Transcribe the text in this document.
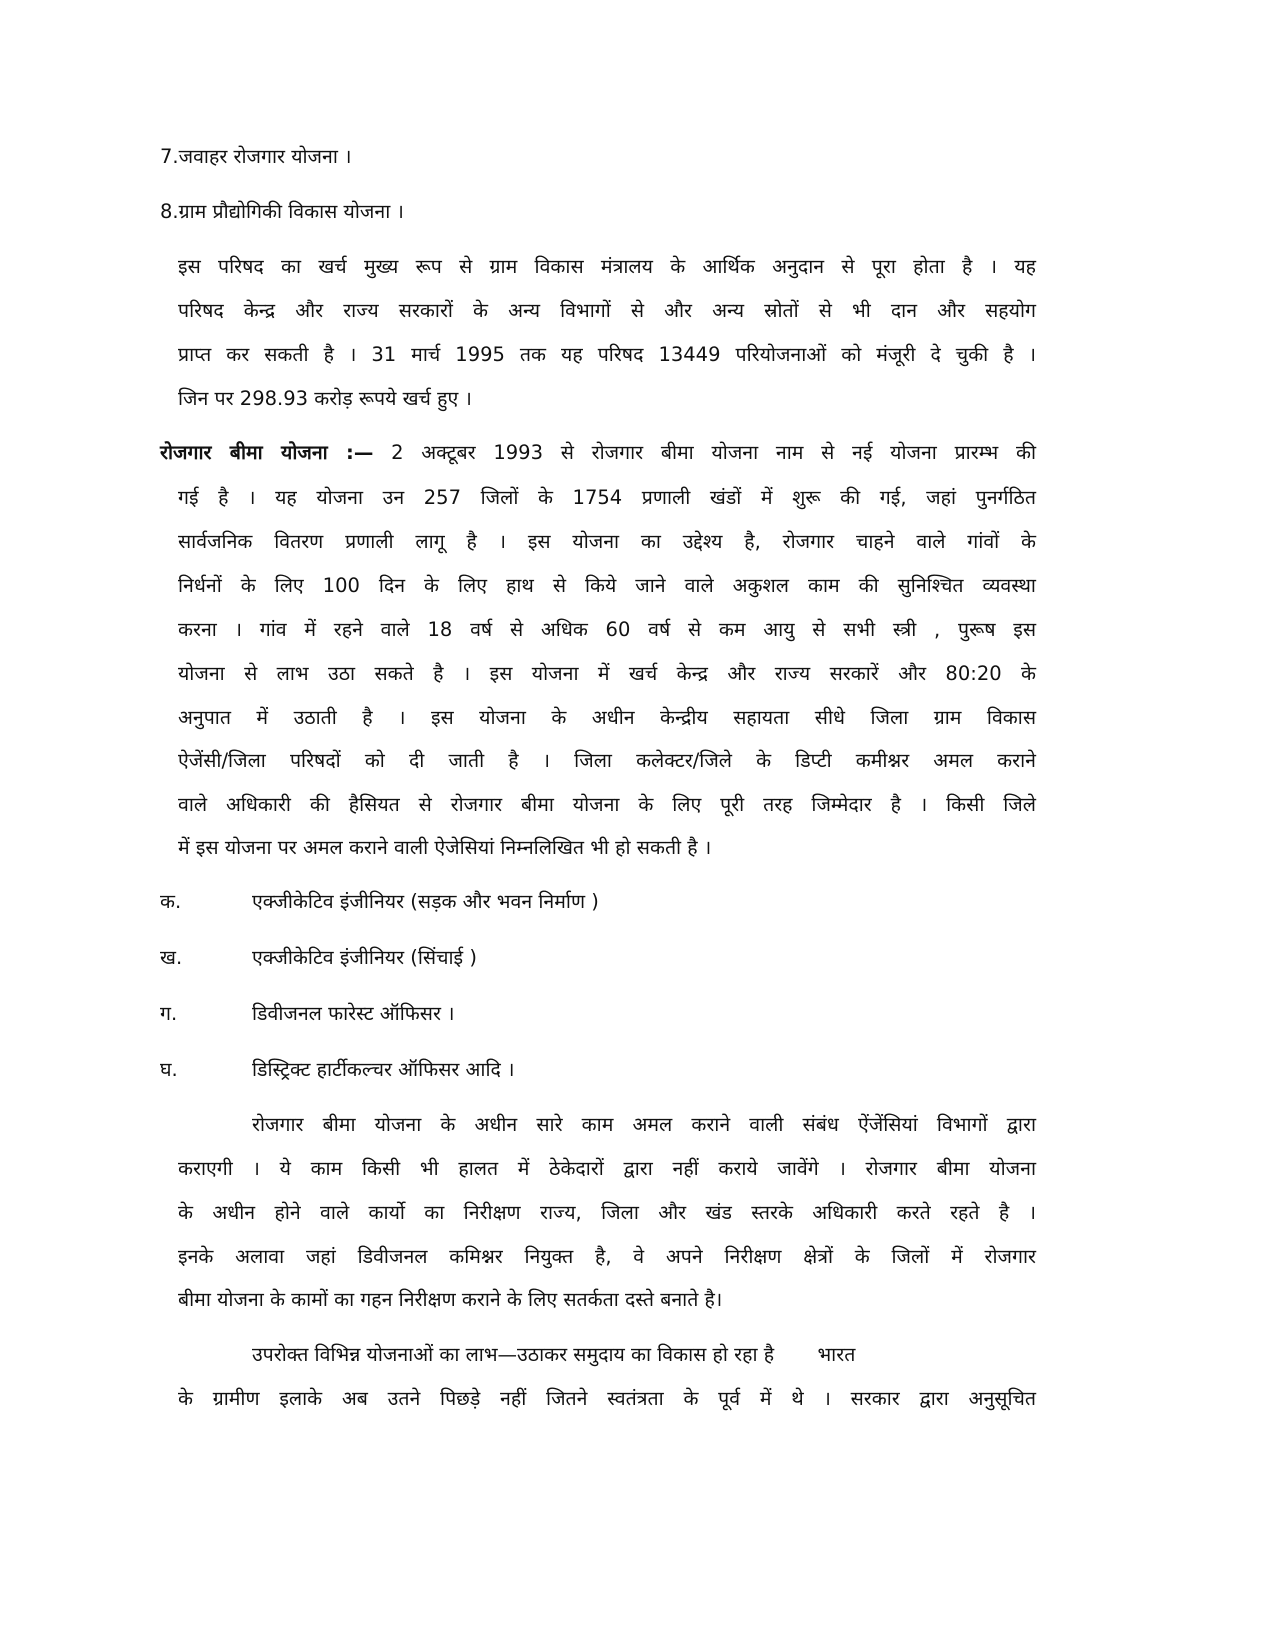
7.जवाहर रोजगार योजना ।
8.ग्राम प्रौद्योगिकी विकास योजना ।
इस परिषद का खर्च मुख्य रूप से ग्राम विकास मंत्रालय के आर्थिक अनुदान से पूरा होता है । यह
परिषद केन्द्र और राज्य सरकारों के अन्य विभागों से और अन्य स्रोतों से भी दान और सहयोग
प्राप्त कर सकती है । 31 मार्च 1995 तक यह परिषद 13449 परियोजनाओं को मंजूरी दे चुकी है ।
जिन पर 298.93 करोड़ रूपये खर्च हुए ।
रोजगार बीमा योजना :— 2 अक्टूबर 1993 से रोजगार बीमा योजना नाम से नई योजना प्रारम्भ की
गई है । यह योजना उन 257 जिलों के 1754 प्रणाली खंडों में शुरू की गई, जहां पुनर्गठित
सार्वजनिक वितरण प्रणाली लागू है । इस योजना का उद्देश्य है, रोजगार चाहने वाले गांवों के
निर्धनों के लिए 100 दिन के लिए हाथ से किये जाने वाले अकुशल काम की सुनिश्चित व्यवस्था
करना । गांव में रहने वाले 18 वर्ष से अधिक 60 वर्ष से कम आयु से सभी स्त्री , पुरूष इस
योजना से लाभ उठा सकते है । इस योजना में खर्च केन्द्र और राज्य सरकारें और 80:20 के
अनुपात में उठाती है । इस योजना के अधीन केन्द्रीय सहायता सीधे जिला ग्राम विकास
ऐजेंसी/जिला परिषदों को दी जाती है । जिला कलेक्टर/जिले के डिप्टी कमीश्नर अमल कराने
वाले अधिकारी की हैसियत से रोजगार बीमा योजना के लिए पूरी तरह जिम्मेदार है । किसी जिले
में इस योजना पर अमल कराने वाली ऐजेसियां निम्नलिखित भी हो सकती है ।
क.	एक्जीकेटिव इंजीनियर (सड़क और भवन निर्माण )
ख.	एक्जीकेटिव इंजीनियर (सिंचाई )
ग.	डिवीजनल फारेस्ट ऑफिसर ।
घ.	डिस्ट्रिक्ट हार्टीकल्चर ऑफिसर आदि ।
रोजगार बीमा योजना के अधीन सारे काम अमल कराने वाली संबंध ऐंजेंसियां विभागों द्वारा
कराएगी । ये काम किसी भी हालत में ठेकेदारों द्वारा नहीं कराये जावेंगे । रोजगार बीमा योजना
के अधीन होने वाले कार्यो का निरीक्षण राज्य, जिला और खंड स्तरके अधिकारी करते रहते है ।
इनके अलावा जहां डिवीजनल कमिश्नर नियुक्त है, वे अपने निरीक्षण क्षेत्रों के जिलों में रोजगार
बीमा योजना के कामों का गहन निरीक्षण कराने के लिए सतर्कता दस्ते बनाते है।
उपरोक्त विभिन्न योजनाओं का लाभ—उठाकर समुदाय का विकास हो रहा है       भारत
के ग्रामीण इलाके अब उतने पिछड़े नहीं जितने स्वतंत्रता के पूर्व में थे । सरकार द्वारा अनुसूचित
